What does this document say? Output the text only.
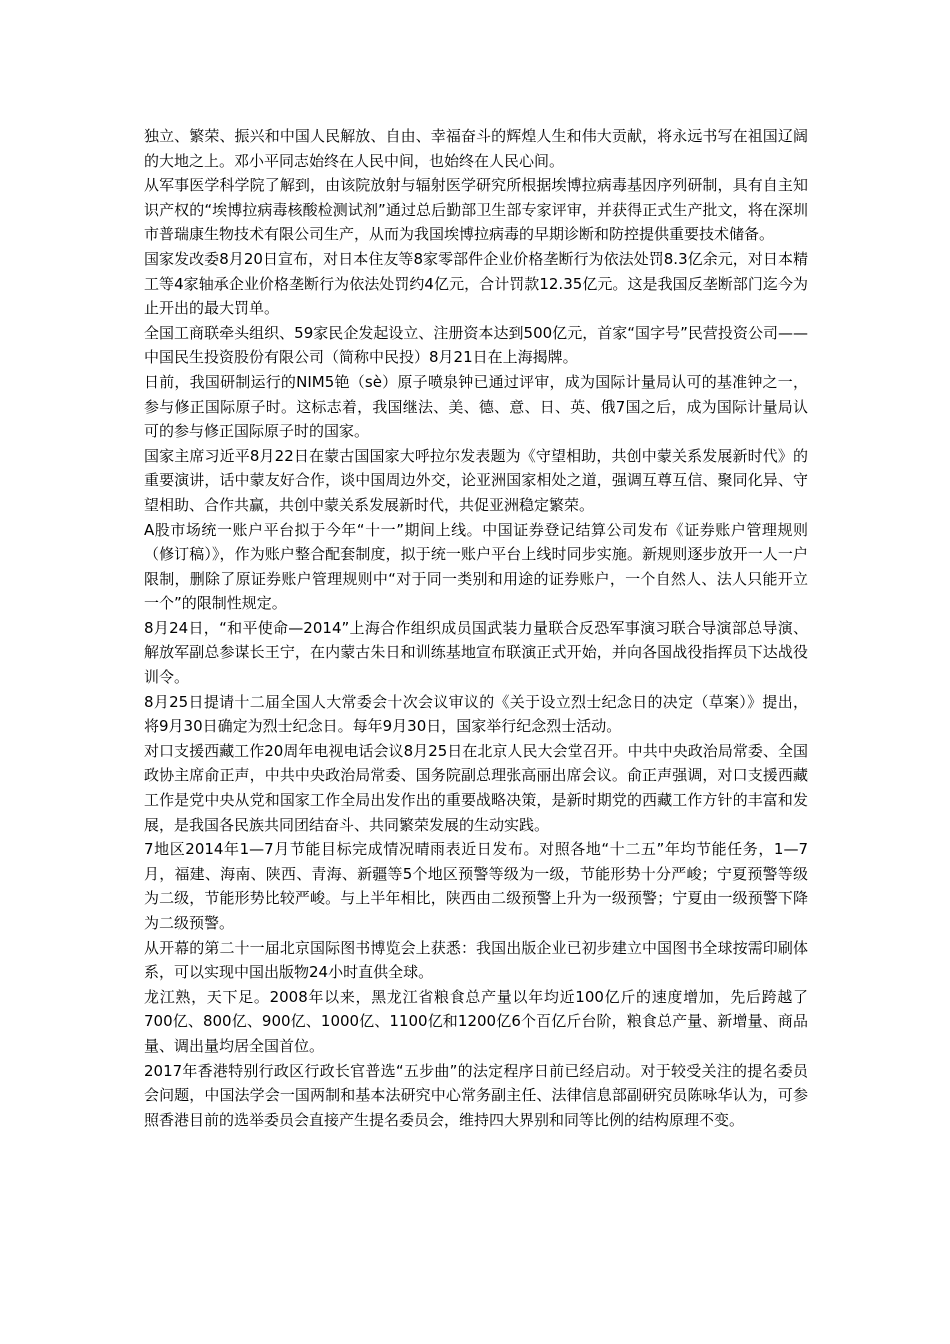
独立、繁荣、振兴和中国人民解放、自由、幸福奋斗的辉煌人生和伟大贡献，将永远书写在祖国辽阔的大地之上。邓小平同志始终在人民中间，也始终在人民心间。

从军事医学科学院了解到，由该院放射与辐射医学研究所根据埃博拉病毒基因序列研制，具有自主知识产权的“埃博拉病毒核酸检测试剂”通过总后勤部卫生部专家评审，并获得正式生产批文，将在深圳市普瑞康生物技术有限公司生产，从而为我国埃博拉病毒的早期诊断和防控提供重要技术储备。

国家发改委8月20日宣布，对日本住友等8家零部件企业价格垄断行为依法处罚8.3亿余元，对日本精工等4家轴承企业价格垄断行为依法处罚约4亿元，合计罚款12.35亿元。这是我国反垄断部门迄今为止开出的最大罚单。

全国工商联牵头组织、59家民企发起设立、注册资本达到500亿元，首家“国字号”民营投资公司——中国民生投资股份有限公司（简称中民投）8月21日在上海揭牌。

日前，我国研制运行的NIM5铯（sè）原子喷泉钟已通过评审，成为国际计量局认可的基准钟之一，参与修正国际原子时。这标志着，我国继法、美、德、意、日、英、俄7国之后，成为国际计量局认可的参与修正国际原子时的国家。

国家主席习近平8月22日在蒙古国国家大呼拉尔发表题为《守望相助，共创中蒙关系发展新时代》的重要演讲，话中蒙友好合作，谈中国周边外交，论亚洲国家相处之道，强调互尊互信、聚同化异、守望相助、合作共赢，共创中蒙关系发展新时代，共促亚洲稳定繁荣。

A股市场统一账户平台拟于今年“十一”期间上线。中国证券登记结算公司发布《证券账户管理规则（修订稿）》，作为账户整合配套制度，拟于统一账户平台上线时同步实施。新规则逐步放开一人一户限制，删除了原证券账户管理规则中“对于同一类别和用途的证券账户，一个自然人、法人只能开立一个”的限制性规定。

8月24日，“和平使命—2014”上海合作组织成员国武装力量联合反恐军事演习联合导演部总导演、解放军副总参谋长王宁，在内蒙古朱日和训练基地宣布联演正式开始，并向各国战役指挥员下达战役训令。

8月25日提请十二届全国人大常委会十次会议审议的《关于设立烈士纪念日的决定（草案）》提出，将9月30日确定为烈士纪念日。每年9月30日，国家举行纪念烈士活动。

对口支援西藏工作20周年电视电话会议8月25日在北京人民大会堂召开。中共中央政治局常委、全国政协主席俞正声，中共中央政治局常委、国务院副总理张高丽出席会议。俞正声强调，对口支援西藏工作是党中央从党和国家工作全局出发作出的重要战略决策，是新时期党的西藏工作方针的丰富和发展，是我国各民族共同团结奋斗、共同繁荣发展的生动实践。

7地区2014年1—7月节能目标完成情况晴雨表近日发布。对照各地“十二五”年均节能任务，1—7月，福建、海南、陕西、青海、新疆等5个地区预警等级为一级，节能形势十分严峻；宁夏预警等级为二级，节能形势比较严峻。与上半年相比，陕西由二级预警上升为一级预警；宁夏由一级预警下降为二级预警。

从开幕的第二十一届北京国际图书博览会上获悉：我国出版企业已初步建立中国图书全球按需印刷体系，可以实现中国出版物24小时直供全球。

龙江熟，天下足。2008年以来，黑龙江省粮食总产量以年均近100亿斤的速度增加，先后跨越了700亿、800亿、900亿、1000亿、1100亿和1200亿6个百亿斤台阶，粮食总产量、新增量、商品量、调出量均居全国首位。

2017年香港特别行政区行政长官普选“五步曲”的法定程序日前已经启动。对于较受关注的提名委员会问题，中国法学会一国两制和基本法研究中心常务副主任、法律信息部副研究员陈咏华认为，可参照香港目前的选举委员会直接产生提名委员会，维持四大界别和同等比例的结构原理不变。
